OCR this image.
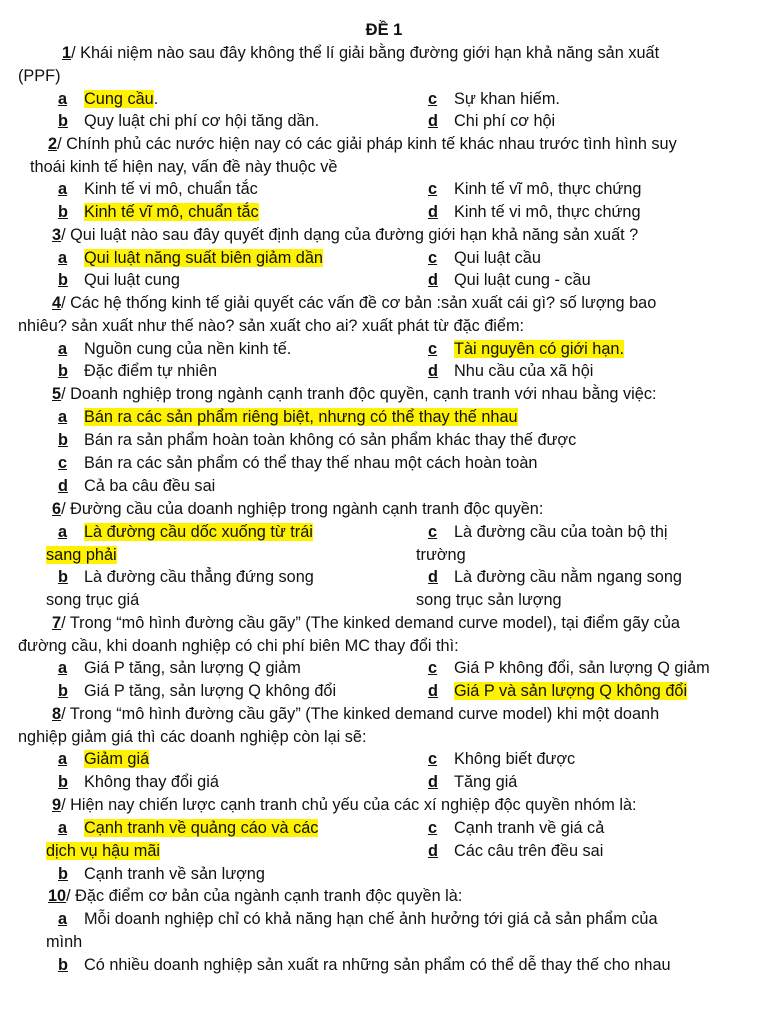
ĐỀ 1
1/ Khái niệm nào sau đây không thể lí giải bằng đường giới hạn khả năng sản xuất
(PPF)
a Cung cầu.	c Sự khan hiếm.
b Quy luật chi phí cơ hội tăng dần.	d Chi phí cơ hội
2/ Chính phủ các nước hiện nay có các giải pháp kinh tế khác nhau trước tình hình suy
thoái kinh tế hiện nay, vấn đề này thuộc về
a Kinh tế vi mô, chuẩn tắc	c Kinh tế vĩ mô, thực chứng
b Kinh tế vĩ mô, chuẩn tắc	d Kinh tế vi mô, thực chứng
3/ Qui luật nào sau đây quyết định dạng của đường giới hạn khả năng sản xuất ?
a Qui luật năng suất biên giảm dần	c Qui luật cầu
b Qui luật cung	d Qui luật cung - cầu
4/ Các hệ thống kinh tế giải quyết các vấn đề cơ bản :sản xuất cái gì? số lượng bao
nhiêu? sản xuất như thế nào? sản xuất cho ai? xuất phát từ đặc điểm:
a Nguồn cung của nền kinh tế.	c Tài nguyên có giới hạn.
b Đặc điểm tự nhiên	d Nhu cầu của xã hội
5/ Doanh nghiệp trong ngành cạnh tranh độc quyền, cạnh tranh với nhau bằng việc:
a Bán ra các sản phẩm riêng biệt, nhưng có thể thay thế nhau
b Bán ra sản phẩm hoàn toàn không có sản phẩm khác thay thế được
c Bán ra các sản phẩm có thể thay thế nhau một cách hoàn toàn
d Cả ba câu đều sai
6/ Đường cầu của doanh nghiệp trong ngành cạnh tranh độc quyền:
a Là đường cầu dốc xuống từ trái	c Là đường cầu của toàn bộ thị
sang phải	trường
b Là đường cầu thẳng đứng song	d Là đường cầu nằm ngang song
song trục giá	song trục sản lượng
7/ Trong “mô hình đường cầu gãy” (The kinked demand curve model), tại điểm gãy của
đường cầu, khi doanh nghiệp có chi phí biên MC thay đổi thì:
a Giá P tăng, sản lượng Q giảm	c Giá P không đổi, sản lượng Q giảm
b Giá P tăng, sản lượng Q không đổi	d Giá P và sản lượng Q không đổi
8/ Trong “mô hình đường cầu gãy” (The kinked demand curve model) khi một doanh
nghiệp giảm giá thì các doanh nghiệp còn lại sẽ:
a Giảm giá	c Không biết được
b Không thay đổi giá	d Tăng giá
9/ Hiện nay chiến lược cạnh tranh chủ yếu của các xí nghiệp độc quyền nhóm là:
a Cạnh tranh về quảng cáo và các	c Cạnh tranh về giá cả
dịch vụ hậu mãi	d Các câu trên đều sai
b Cạnh tranh về sản lượng
10/ Đặc điểm cơ bản của ngành cạnh tranh độc quyền là:
a Mỗi doanh nghiệp chỉ có khả năng hạn chế ảnh hưởng tới giá cả sản phẩm của
mình
b Có nhiều doanh nghiệp sản xuất ra những sản phẩm có thể dễ thay thế cho nhau
